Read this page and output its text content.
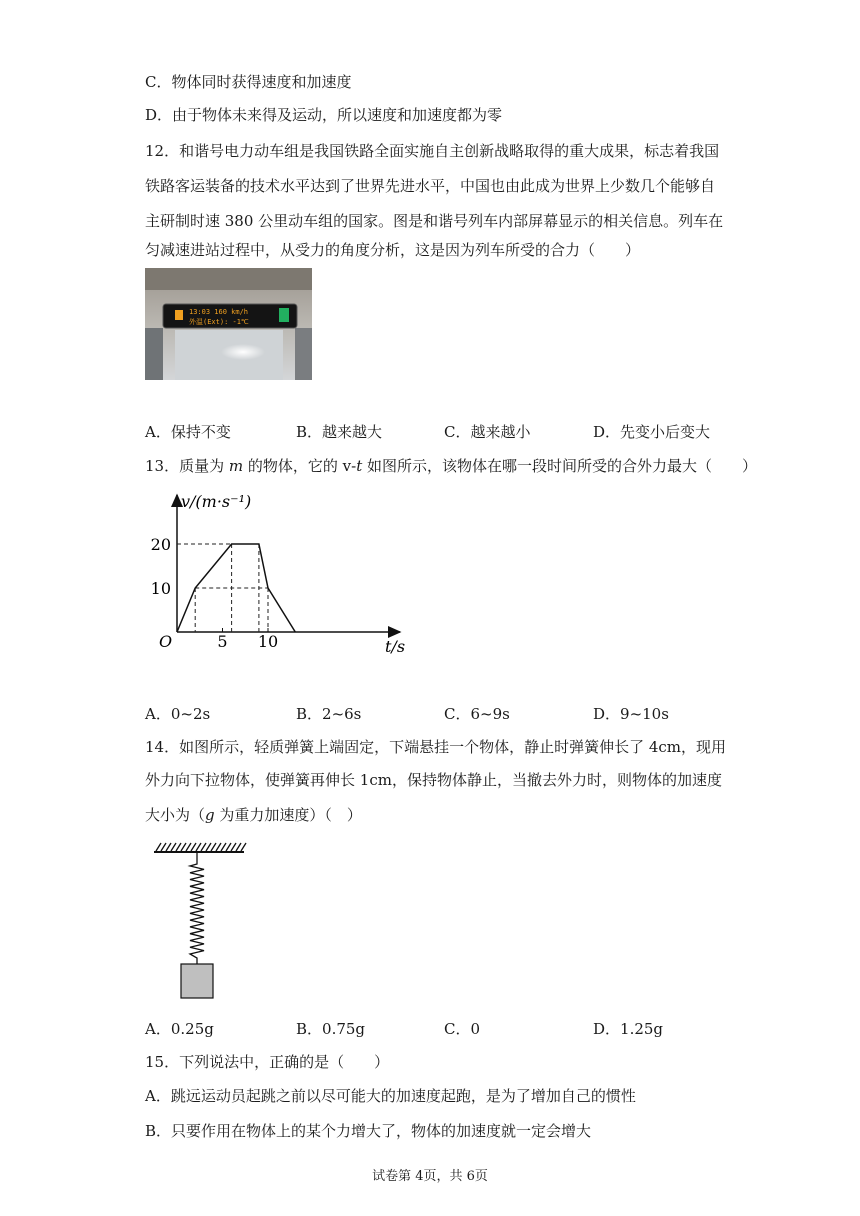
C．物体同时获得速度和加速度
D．由于物体未来得及运动，所以速度和加速度都为零
12．和谐号电力动车组是我国铁路全面实施自主创新战略取得的重大成果，标志着我国
铁路客运装备的技术水平达到了世界先进水平，中国也由此成为世界上少数几个能够自
主研制时速 380 公里动车组的国家。图是和谐号列车内部屏幕显示的相关信息。列车在
匀减速进站过程中，从受力的角度分析，这是因为列车所受的合力（　　）
13:03 160 km/h
外温(Ext): -1℃
A．保持不变	B．越来越大	C．越来越小	D．先变小后变大
13．质量为 m 的物体，它的 v-t 如图所示，该物体在哪一段时间所受的合外力最大（　　）
5 10
10
20
v/(m·s⁻¹)
t/s
O
A．0~2s	B．2~6s	C．6~9s	D．9~10s
14．如图所示，轻质弹簧上端固定，下端悬挂一个物体，静止时弹簧伸长了 4cm，现用
外力向下拉物体，使弹簧再伸长 1cm，保持物体静止，当撤去外力时，则物体的加速度
大小为（g 为重力加速度）（　）
A．0.25g	B．0.75g	C．0	D．1.25g
15．下列说法中，正确的是（　　）
A．跳远运动员起跳之前以尽可能大的加速度起跑，是为了增加自己的惯性
B．只要作用在物体上的某个力增大了，物体的加速度就一定会增大
试卷第 4页，共 6页
